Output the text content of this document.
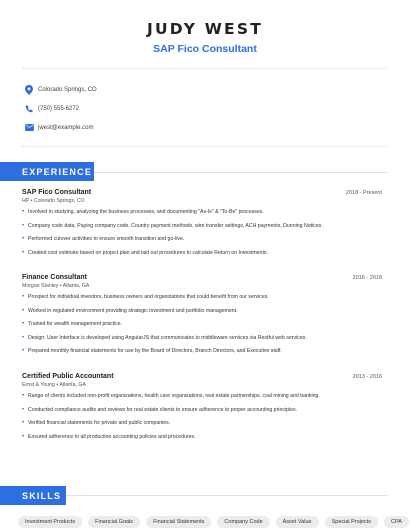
JUDY WEST
SAP Fico Consultant
Colorado Springs, CO
(750) 555-6272
jwest@example.com
EXPERIENCE
SAP Fico Consultant	2018 - Present
HP • Colorado Springs, CO
• Involved in studying, analyzing the business processes, and documenting "As-Is" & "To-Be" processes.
• Company code data, Paying company code, Country payment methods, wire transfer settings, ACH payments, Dunning Notices.
• Performed cutover activities to ensure smooth transition and go-live.
• Created cost estimate based on project plan and laid out procedures to calculate Return on Investments.
Finance Consultant	2016 - 2018
Morgan Stanley • Atlanta, GA
• Prospect for individual investors, business owners and organizations that could benefit from our services.
• Worked in regulated environment providing strategic investment and portfolio management.
• Trained for wealth management practice.
• Design: User Interface is developed using AngularJS that communicates to middleware services via Restful web services.
• Prepared monthly financial statements for use by the Board of Directors, Branch Directors, and Executive staff.
Certified Public Accountant	2013 - 2016
Ernst & Young • Atlanta, GA
• Range of clients included non-profit organizations, health care organizations, real estate partnerships, coal mining and banking.
• Conducted compliance audits and reviews for real estate clients to ensure adherence to proper accounting principles.
• Verified financial statements for private and public companies.
• Ensured adherence to all production accounting policies and procedures.
SKILLS
Investment Products	Financial Goals	Financial Statements	Company Code	Asset Value	Special Projects	CPA
